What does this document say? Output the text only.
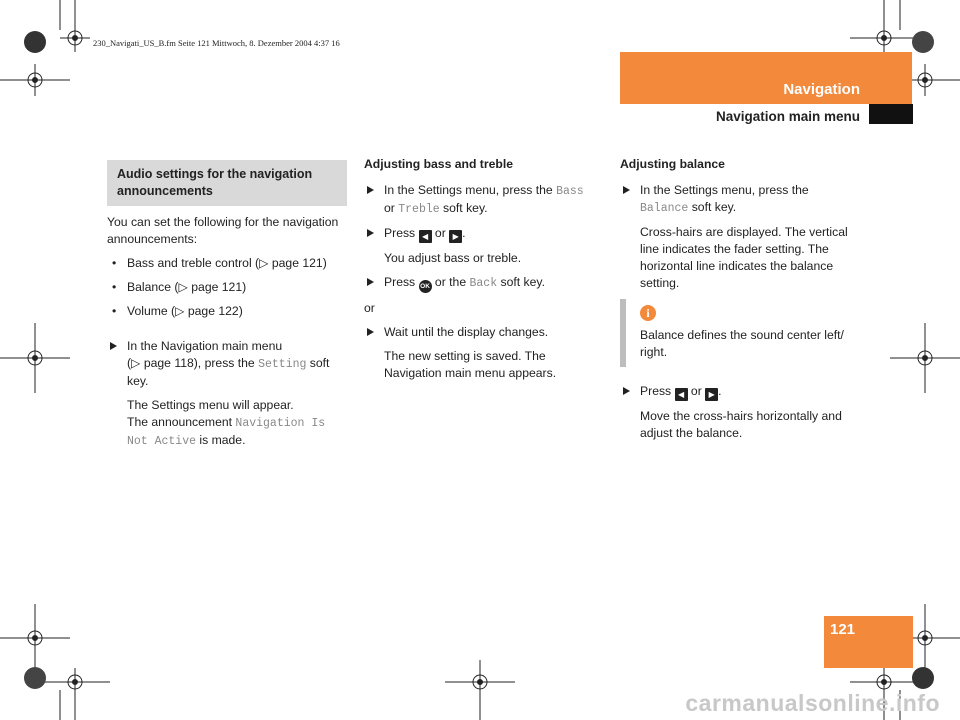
230_Navigati_US_B.fm Seite 121 Mittwoch, 8. Dezember 2004 4:37 16
Navigation
Navigation main menu
Audio settings for the navigation announcements

You can set the following for the navigation announcements:

• Bass and treble control (▷ page 121)
• Balance (▷ page 121)
• Volume (▷ page 122)
In the Navigation main menu
(▷ page 118), press the Setting soft key.
The Settings menu will appear.
The announcement Navigation Is Not Active is made.

Adjusting bass and treble

In the Settings menu, press the Bass
or Treble soft key.
Press ◀ or ▶ .
You adjust bass or treble.
Press OK or the Back soft key.

or

Wait until the display changes.
The new setting is saved. The Navigation main menu appears.

Adjusting balance

In the Settings menu, press the
Balance soft key.
Cross-hairs are displayed. The vertical line indicates the fader setting. The horizontal line indicates the balance setting.
i
Balance defines the sound center left/ right.
Press ◀ or ▶ .
Move the cross-hairs horizontally and adjust the balance.
121
carmanualsonline.info
